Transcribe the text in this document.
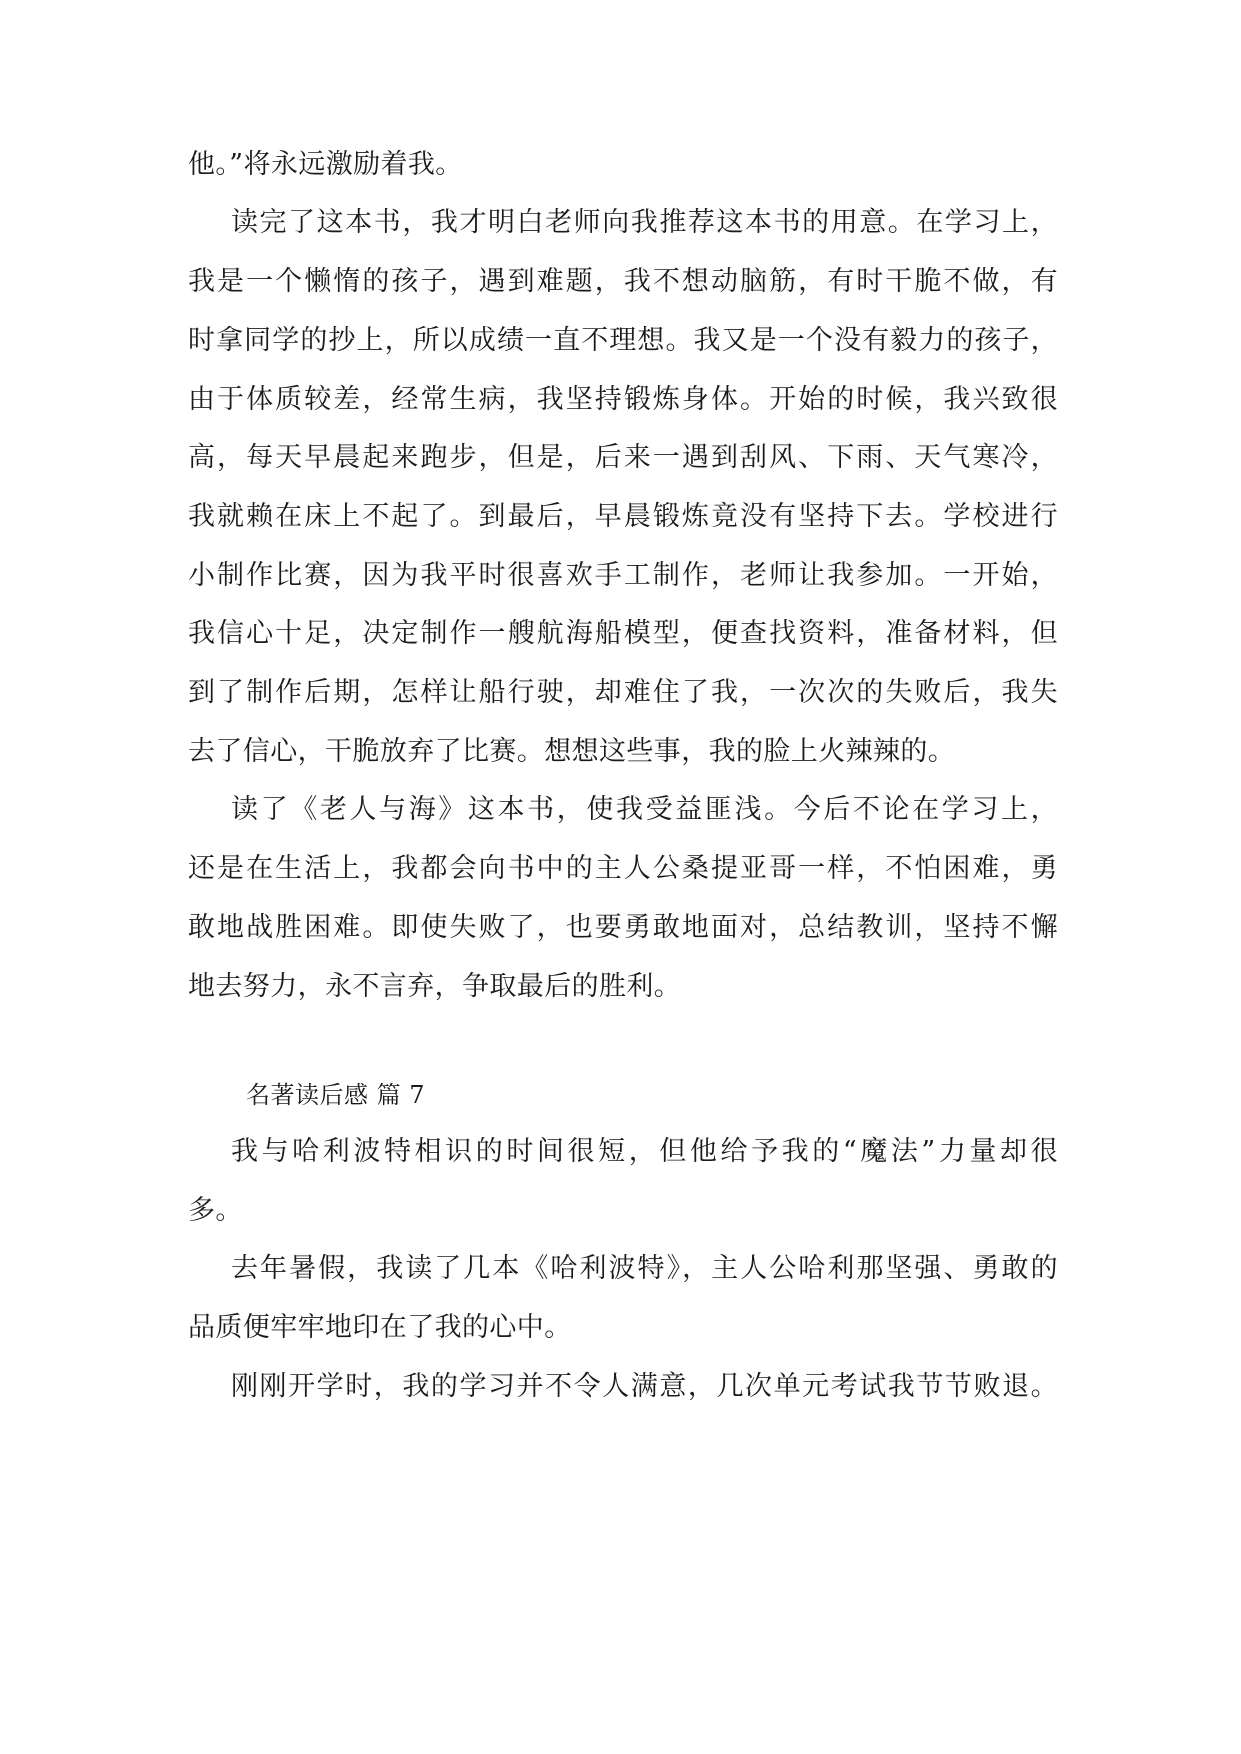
他。”将永远激励着我。
读完了这本书，我才明白老师向我推荐这本书的用意。在学习上，
我是一个懒惰的孩子，遇到难题，我不想动脑筋，有时干脆不做，有
时拿同学的抄上，所以成绩一直不理想。我又是一个没有毅力的孩子，
由于体质较差，经常生病，我坚持锻炼身体。开始的时候，我兴致很
高，每天早晨起来跑步，但是，后来一遇到刮风、下雨、天气寒冷，
我就赖在床上不起了。到最后，早晨锻炼竟没有坚持下去。学校进行
小制作比赛，因为我平时很喜欢手工制作，老师让我参加。一开始，
我信心十足，决定制作一艘航海船模型，便查找资料，准备材料，但
到了制作后期，怎样让船行驶，却难住了我，一次次的失败后，我失
去了信心，干脆放弃了比赛。想想这些事，我的脸上火辣辣的。
读了《老人与海》这本书，使我受益匪浅。今后不论在学习上，
还是在生活上，我都会向书中的主人公桑提亚哥一样，不怕困难，勇
敢地战胜困难。即使失败了，也要勇敢地面对，总结教训，坚持不懈
地去努力，永不言弃，争取最后的胜利。
名著读后感 篇 7
我与哈利波特相识的时间很短，但他给予我的“魔法”力量却很
多。
去年暑假，我读了几本《哈利波特》，主人公哈利那坚强、勇敢的
品质便牢牢地印在了我的心中。
刚刚开学时，我的学习并不令人满意，几次单元考试我节节败退。
